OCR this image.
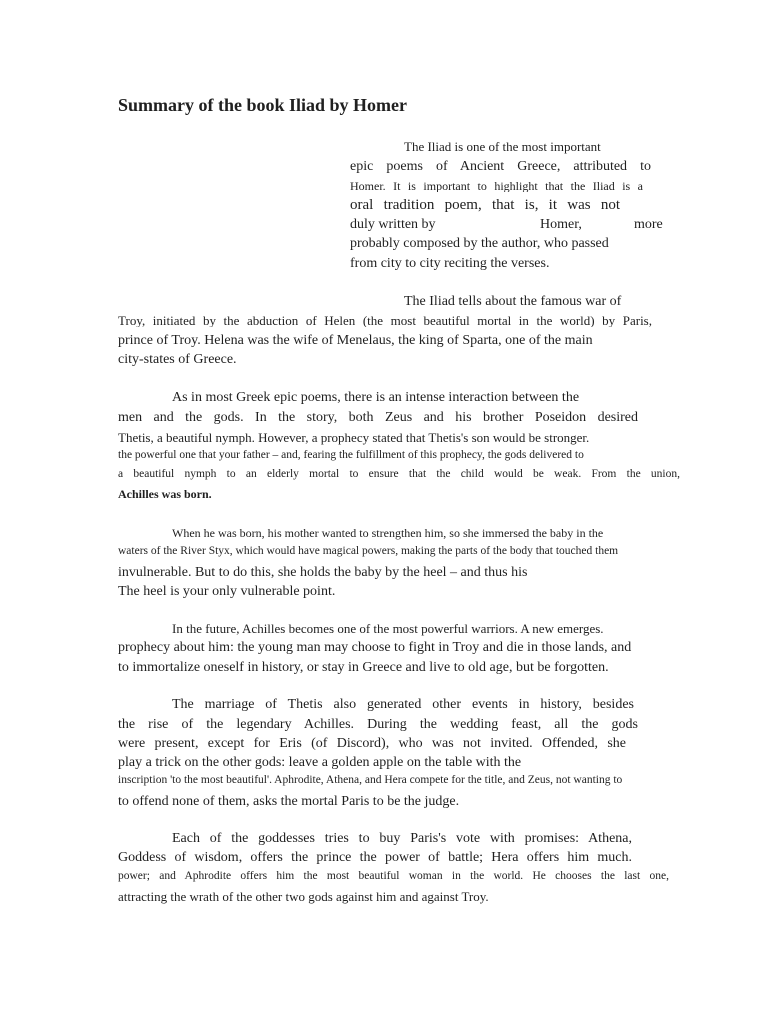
Summary of the book Iliad by Homer
The Iliad is one of the most important
epic poems of Ancient Greece, attributed to
Homer. It is important to highlight that the Iliad is a
oral tradition poem, that is, it was not
duly written by	Homer,	more
probably composed by the author, who passed
from city to city reciting the verses.
The Iliad tells about the famous war of
Troy, initiated by the abduction of Helen (the most beautiful mortal in the world) by Paris,
prince of Troy. Helena was the wife of Menelaus, the king of Sparta, one of the main
city-states of Greece.
As in most Greek epic poems, there is an intense interaction between the
men and the gods. In the story, both Zeus and his brother Poseidon desired
Thetis, a beautiful nymph. However, a prophecy stated that Thetis's son would be stronger.
the powerful one that your father – and, fearing the fulfillment of this prophecy, the gods delivered to
a beautiful nymph to an elderly mortal to ensure that the child would be weak. From the union,
Achilles was born.
When he was born, his mother wanted to strengthen him, so she immersed the baby in the
waters of the River Styx, which would have magical powers, making the parts of the body that touched them
invulnerable. But to do this, she holds the baby by the heel – and thus his
The heel is your only vulnerable point.
In the future, Achilles becomes one of the most powerful warriors. A new emerges.
prophecy about him: the young man may choose to fight in Troy and die in those lands, and
to immortalize oneself in history, or stay in Greece and live to old age, but be forgotten.
The marriage of Thetis also generated other events in history, besides
the rise of the legendary Achilles. During the wedding feast, all the gods
were present, except for Eris (of Discord), who was not invited. Offended, she
play a trick on the other gods: leave a golden apple on the table with the
inscription 'to the most beautiful'. Aphrodite, Athena, and Hera compete for the title, and Zeus, not wanting to
to offend none of them, asks the mortal Paris to be the judge.
Each of the goddesses tries to buy Paris's vote with promises: Athena,
Goddess of wisdom, offers the prince the power of battle; Hera offers him much.
power; and Aphrodite offers him the most beautiful woman in the world. He chooses the last one,
attracting the wrath of the other two gods against him and against Troy.
